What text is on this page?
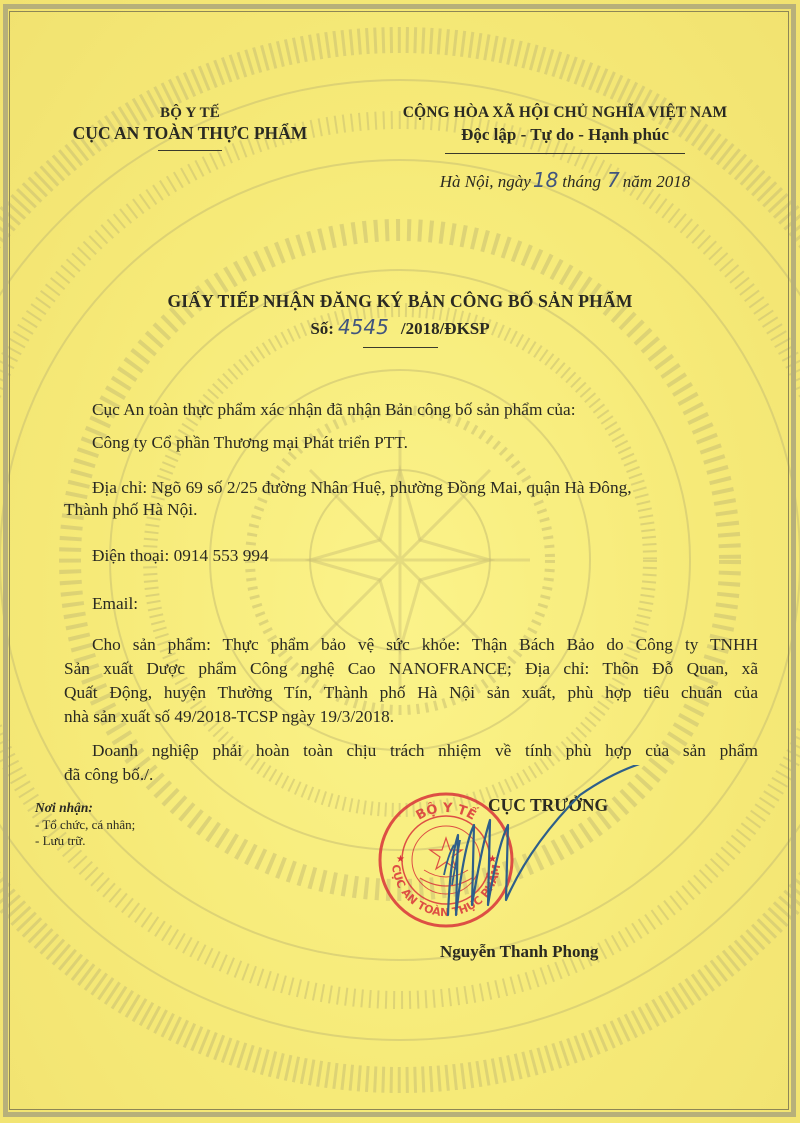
BỘ Y TẾ
CỤC AN TOÀN THỰC PHẨM
CỘNG HÒA XÃ HỘI CHỦ NGHĨA VIỆT NAM
Độc lập - Tự do - Hạnh phúc
Hà Nội, ngày 18 tháng 7 năm 2018
GIẤY TIẾP NHẬN ĐĂNG KÝ BẢN CÔNG BỐ SẢN PHẨM
Số: 4545 /2018/ĐKSP
Cục An toàn thực phẩm xác nhận đã nhận Bản công bố sản phẩm của:
Công ty Cổ phần Thương mại Phát triển PTT.
Địa chỉ: Ngõ 69 số 2/25 đường Nhân Huệ, phường Đồng Mai, quận Hà Đông,
Thành phố Hà Nội.
Điện thoại: 0914 553 994
Email:
Cho sản phẩm: Thực phẩm bảo vệ sức khỏe: Thận Bách Bảo do Công ty TNHH
Sản xuất Dược phẩm Công nghệ Cao NANOFRANCE; Địa chỉ: Thôn Đỗ Quan, xã
Quất Động, huyện Thường Tín, Thành phố Hà Nội sản xuất, phù hợp tiêu chuẩn của
nhà sản xuất số 49/2018-TCSP ngày 19/3/2018.
Doanh nghiệp phải hoàn toàn chịu trách nhiệm về tính phù hợp của sản phẩm
đã công bố./.
Nơi nhận:
- Tổ chức, cá nhân;
- Lưu trữ.
BỘ Y TẾ
CỤC AN TOÀN THỰC PHẨM
★	★
CỤC TRƯỞNG
Nguyễn Thanh Phong
